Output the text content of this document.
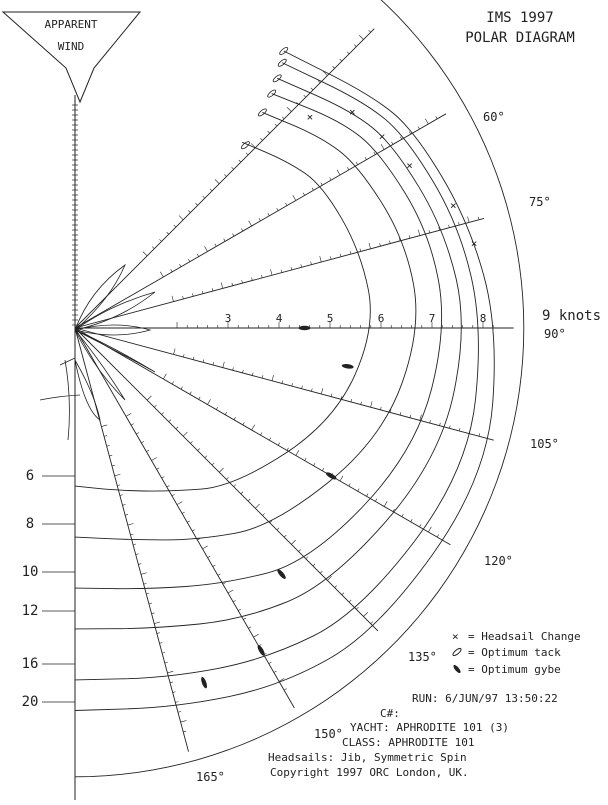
3	4	5	6	7	8	9 knots
60°
75°
90°
105°
120°
135°
150°
165°
6
8
10
12
16
20
×	×
×
×
×
×
APPARENT
WIND
IMS 1997
POLAR DIAGRAM
× = Headsail Change
= Optimum tack
= Optimum gybe
RUN: 6/JUN/97 13:50:22
C#:
YACHT: APHRODITE 101 (3)
CLASS: APHRODITE 101
Headsails: Jib, Symmetric Spin
Copyright 1997 ORC London, UK.
